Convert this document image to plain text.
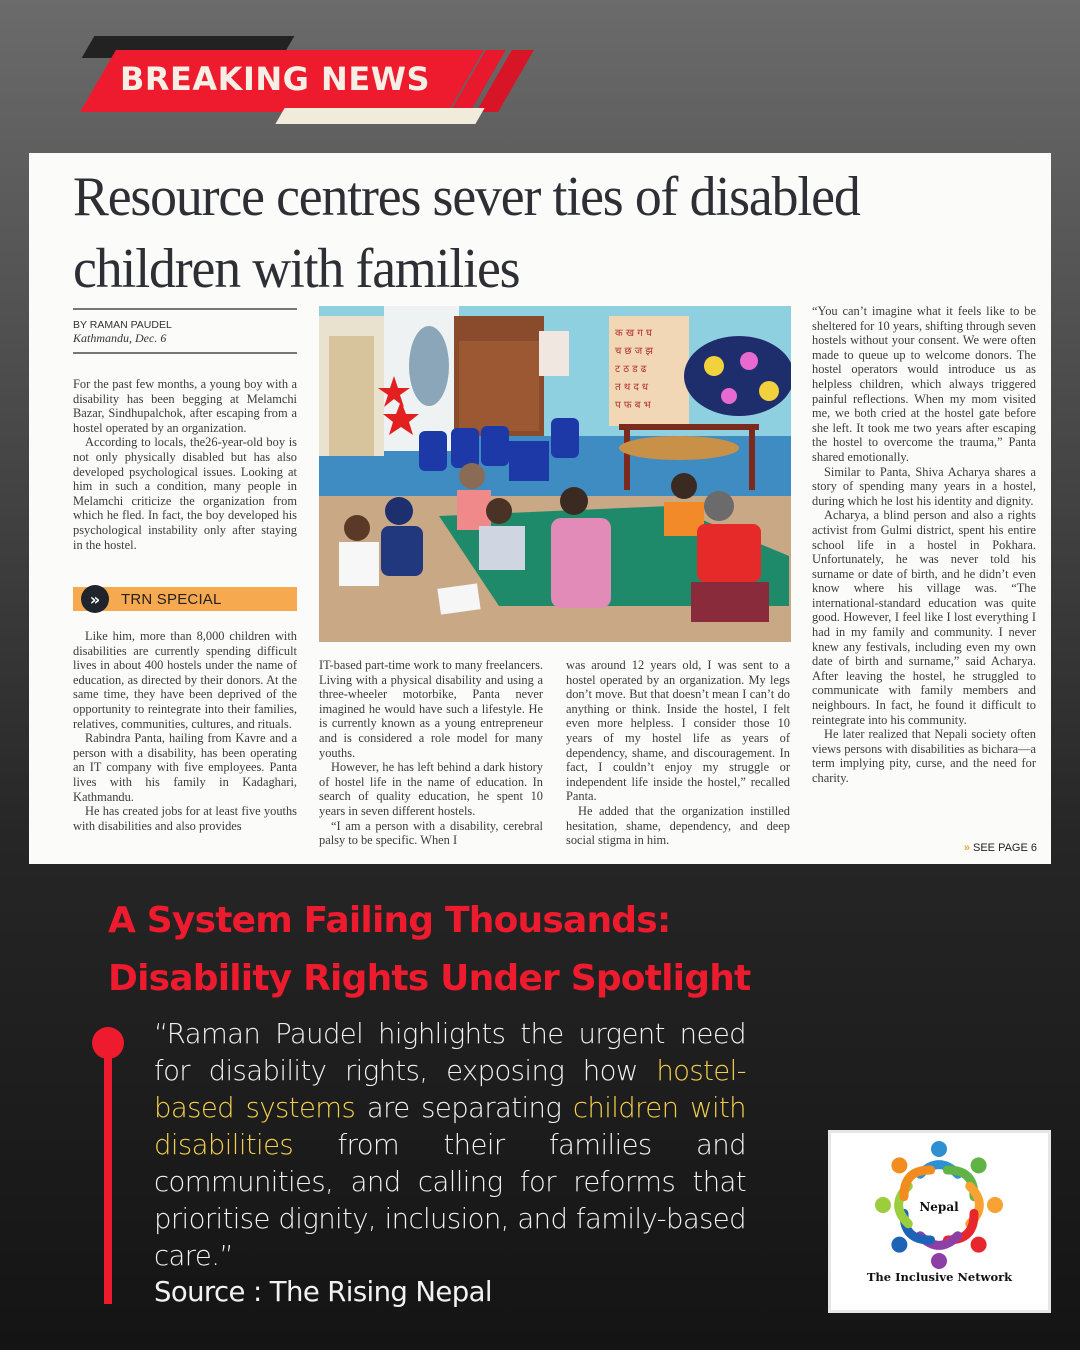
BREAKING NEWS
Resource centres sever ties of disabled children with families
BY RAMAN PAUDEL
Kathmandu, Dec. 6

For the past few months, a young boy with a disability has been begging at Melamchi Bazar, Sindhupalchok, after escaping from a hostel operated by an organization.

According to locals, the26-year-old boy is not only physically disabled but has also developed psychological issues. Looking at him in such a condition, many people in Melamchi criticize the organization from which he fled. In fact, the boy developed his psychological instability only after staying in the hostel.

»	TRN SPECIAL

Like him, more than 8,000 children with disabilities are currently spending difficult lives in about 400 hostels under the name of education, as directed by their donors. At the same time, they have been deprived of the opportunity to reintegrate into their families, relatives, communities, cultures, and rituals.

Rabindra Panta, hailing from Kavre and a person with a disability, has been operating an IT company with five employees. Panta lives with his family in Kadaghari, Kathmandu.

He has created jobs for at least five youths with disabilities and also provides

क ख ग घ
च छ ज झ
ट ठ ड ढ
त थ द ध
प फ ब भ

IT-based part-time work to many freelancers. Living with a physical disability and using a three-wheeler motorbike, Panta never imagined he would have such a lifestyle. He is currently known as a young entrepreneur and is considered a role model for many youths.

However, he has left behind a dark history of hostel life in the name of education. In search of quality education, he spent 10 years in seven different hostels.

“I am a person with a disability, cerebral palsy to be specific. When I

was around 12 years old, I was sent to a hostel operated by an organization. My legs don’t move. But that doesn’t mean I can’t do anything or think. Inside the hostel, I felt even more helpless. I consider those 10 years of my hostel life as years of dependency, shame, and discouragement. In fact, I couldn’t enjoy my struggle or independent life inside the hostel,” recalled Panta.

He added that the organization instilled hesitation, shame, dependency, and deep social stigma in him.

“You can’t imagine what it feels like to be sheltered for 10 years, shifting through seven hostels without your consent. We were often made to queue up to welcome donors. The hostel operators would introduce us as helpless children, which always triggered painful reflections. When my mom visited me, we both cried at the hostel gate before she left. It took me two years after escaping the hostel to overcome the trauma,” Panta shared emotionally.

Similar to Panta, Shiva Acharya shares a story of spending many years in a hostel, during which he lost his identity and dignity.

Acharya, a blind person and also a rights activist from Gulmi district, spent his entire school life in a hostel in Pokhara. Unfortunately, he was never told his surname or date of birth, and he didn’t even know where his village was. “The international-standard education was quite good. However, I feel like I lost everything I had in my family and community. I never knew any festivals, including even my own date of birth and surname,” said Acharya. After leaving the hostel, he struggled to communicate with family members and neighbours. In fact, he found it difficult to reintegrate into his community.

He later realized that Nepali society often views persons with disabilities as bichara—a term implying pity, curse, and the need for charity.

» SEE PAGE 6
A System Failing Thousands:
Disability Rights Under Spotlight
“Raman Paudel highlights the urgent need for disability rights, exposing how hostel-based systems are separating children with disabilities from their families and communities, and calling for reforms that prioritise dignity, inclusion, and family-based care.”
Source : The Rising Nepal
Nepal
The Inclusive Network
